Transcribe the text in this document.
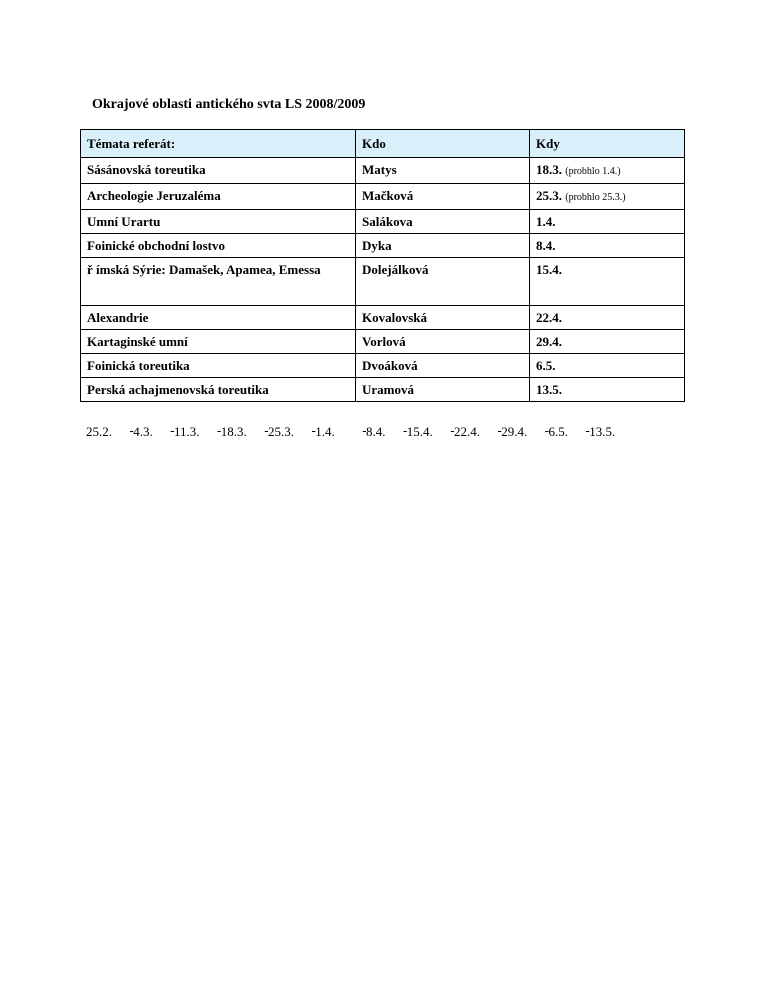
Okrajové oblasti antického svta LS 2008/2009
Témata referát:	Kdo	Kdy
Sásánovská toreutika	Matys	18.3. (probhlo 1.4.)
Archeologie Jeruzaléma	Mačková	25.3. (probhlo 25.3.)
Umní Urartu	Salákova	1.4.
Foinické obchodní lostvo	Dyka	8.4.
ř ímská Sýrie: Damašek, Apamea, Emessa	Dolejálková	15.4.
Alexandrie	Kovalovská	22.4.
Kartaginské umní	Vorlová	29.4.
Foinická toreutika	Dvoáková	6.5.
Perská achajmenovská toreutika	Uramová	13.5.
25.2. 4.3. 11.3. 18.3. 25.3. 1.4. 8.4. 15.4. 22.4. 29.4. 6.5. 13.5.
